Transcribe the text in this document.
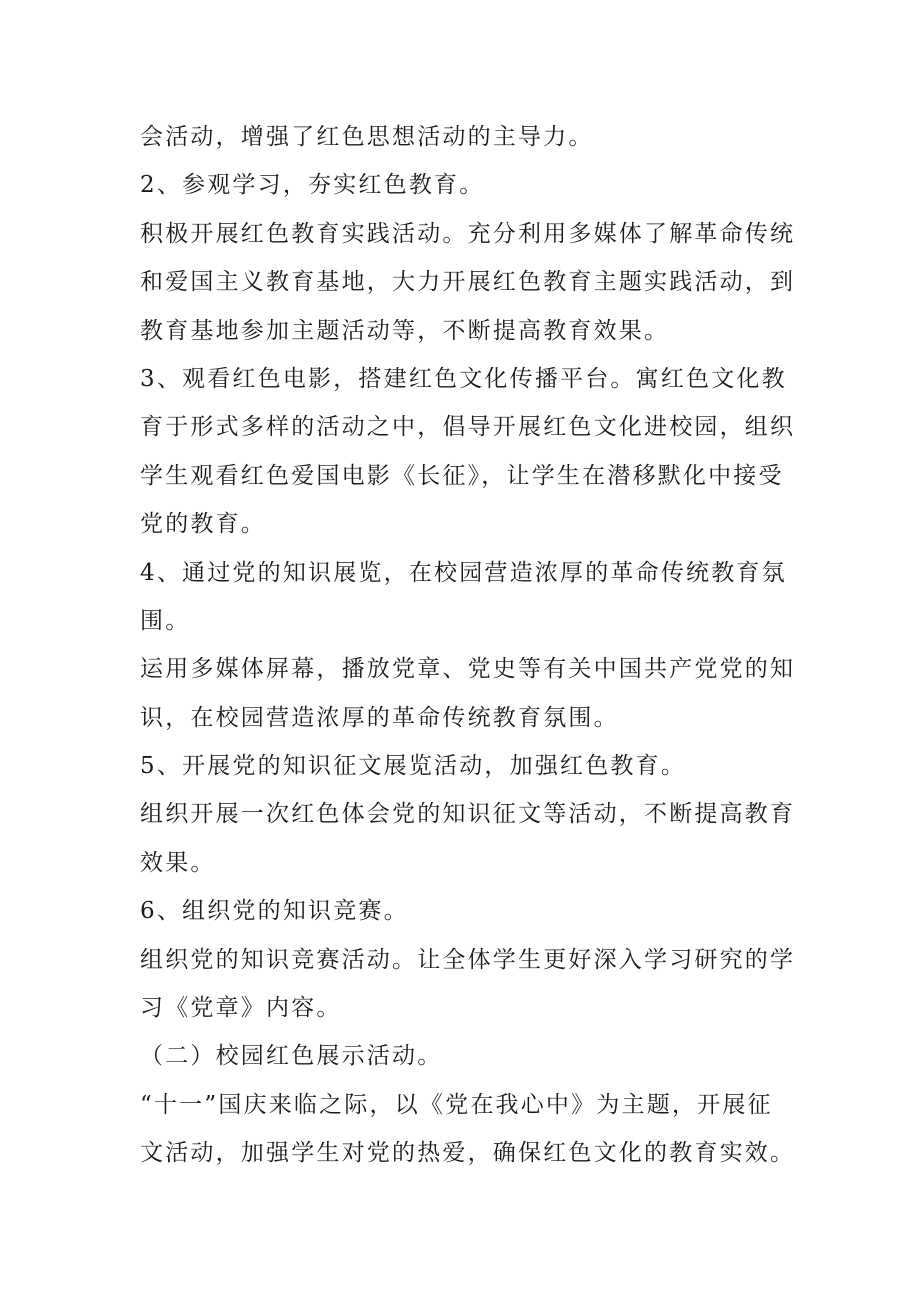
会活动，增强了红色思想活动的主导力。
2、参观学习，夯实红色教育。
积极开展红色教育实践活动。充分利用多媒体了解革命传统
和爱国主义教育基地，大力开展红色教育主题实践活动，到
教育基地参加主题活动等，不断提高教育效果。
3、观看红色电影，搭建红色文化传播平台。寓红色文化教
育于形式多样的活动之中，倡导开展红色文化进校园，组织
学生观看红色爱国电影《长征》，让学生在潜移默化中接受
党的教育。
4、通过党的知识展览，在校园营造浓厚的革命传统教育氛
围。
运用多媒体屏幕，播放党章、党史等有关中国共产党党的知
识，在校园营造浓厚的革命传统教育氛围。
5、开展党的知识征文展览活动，加强红色教育。
组织开展一次红色体会党的知识征文等活动，不断提高教育
效果。
6、组织党的知识竞赛。
组织党的知识竞赛活动。让全体学生更好深入学习研究的学
习《党章》内容。
（二）校园红色展示活动。
“十一”国庆来临之际，以《党在我心中》为主题，开展征
文活动，加强学生对党的热爱，确保红色文化的教育实效。
